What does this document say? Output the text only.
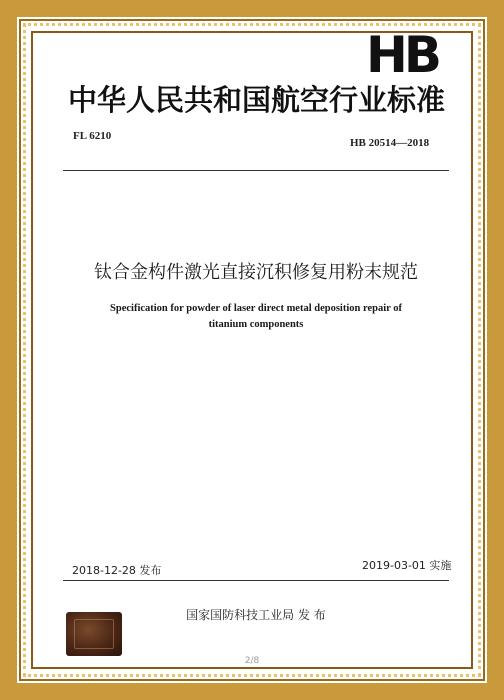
HB
中华人民共和国航空行业标准
FL 6210
HB 20514—2018
钛合金构件激光直接沉积修复用粉末规范
Specification for powder of laser direct metal deposition repair of
titanium components
2018-12-28 发布	2019-03-01 实施
国家国防科技工业局 发 布
2/8
